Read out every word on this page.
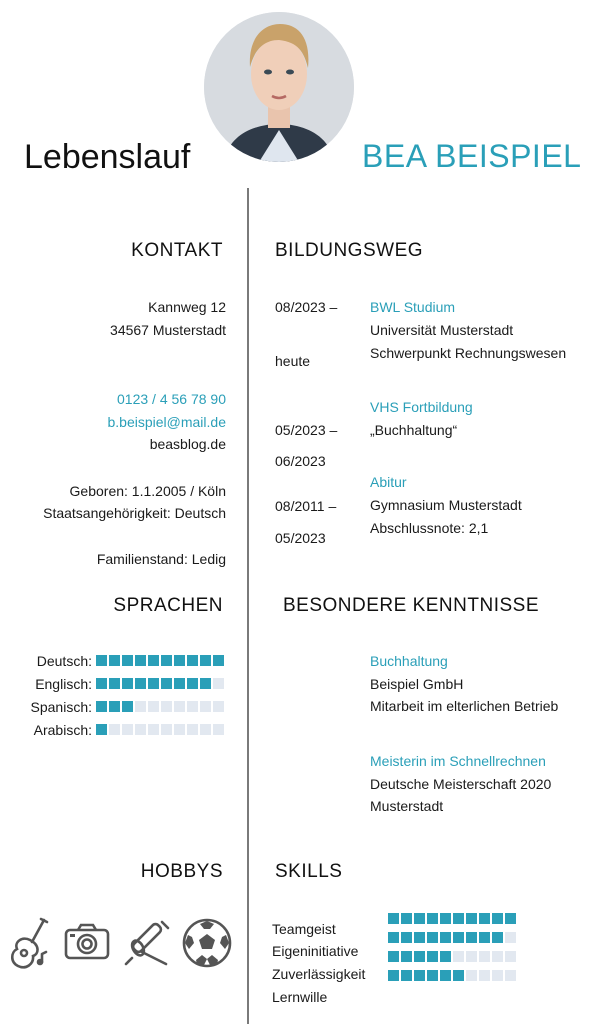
Lebenslauf	BEA BEISPIEL
KONTAKT
Kannweg 12
34567 Musterstadt
0123 / 4 56 78 90
b.beispiel@mail.de
beasblog.de
Geboren: 1.1.2005 / Köln
Staatsangehörigkeit: Deutsch
Familienstand: Ledig
BILDUNGSWEG
08/2023 –
heute
BWL Studium
Universität Musterstadt
Schwerpunkt Rechnungswesen
05/2023 –
06/2023
VHS Fortbildung
„Buchhaltung“
08/2011 –
05/2023
Abitur
Gymnasium Musterstadt
Abschlussnote: 2,1
SPRACHEN
Deutsch:
Englisch:
Spanisch:
Arabisch:
BESONDERE KENNTNISSE
Buchhaltung
Beispiel GmbH
Mitarbeit im elterlichen Betrieb
Meisterin im Schnellrechnen
Deutsche Meisterschaft 2020
Musterstadt
HOBBYS	SKILLS
Teamgeist
Eigeninitiative
Zuverlässigkeit
Lernwille
